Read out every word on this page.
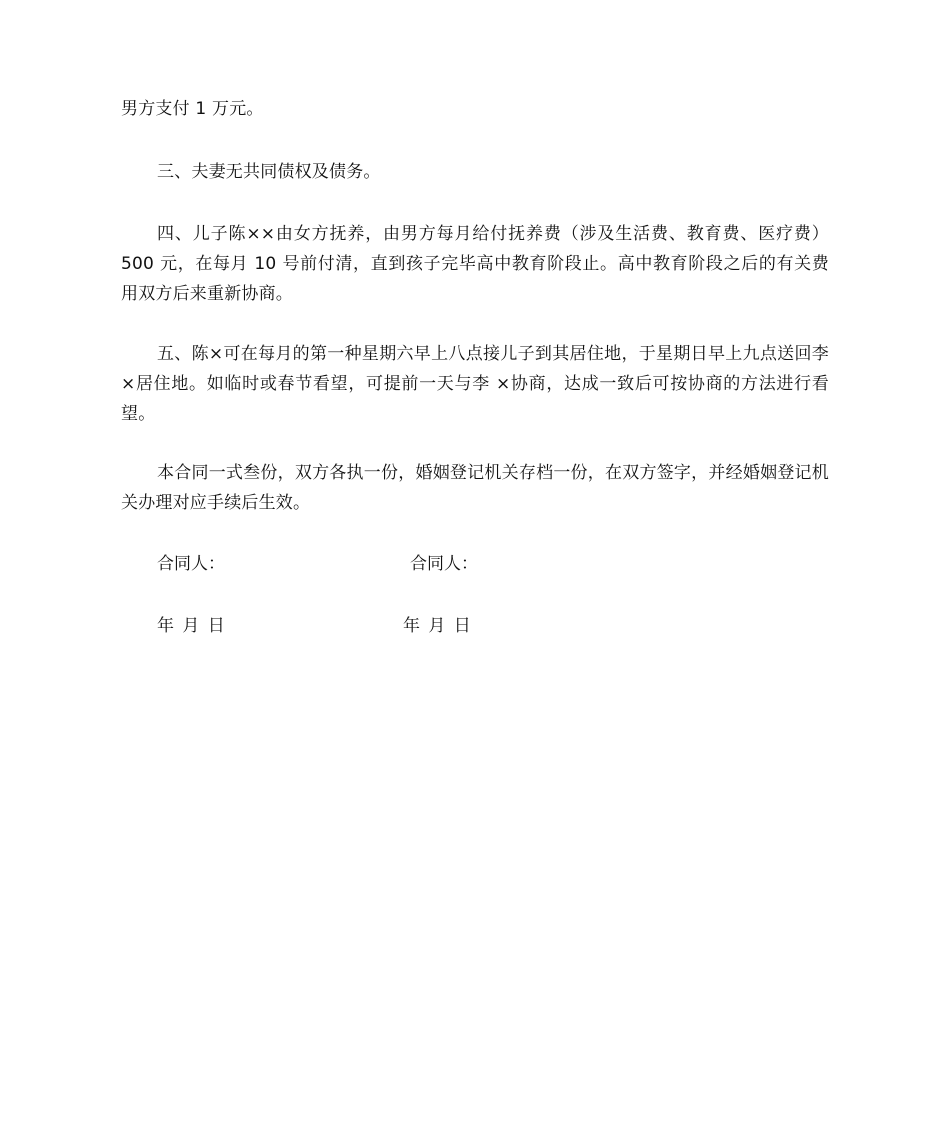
男方支付 1 万元。
三、夫妻无共同债权及债务。
四、儿子陈××由女方抚养，由男方每月给付抚养费（涉及生活费、教育费、医疗费）500 元，在每月 10 号前付清，直到孩子完毕高中教育阶段止。高中教育阶段之后的有关费用双方后来重新协商。
五、陈×可在每月的第一种星期六早上八点接儿子到其居住地，于星期日早上九点送回李×居住地。如临时或春节看望，可提前一天与李 ×协商，达成一致后可按协商的方法进行看望。
本合同一式叁份，双方各执一份，婚姻登记机关存档一份，在双方签字，并经婚姻登记机关办理对应手续后生效。
合同人：	合同人：
年 月 日	年 月 日
